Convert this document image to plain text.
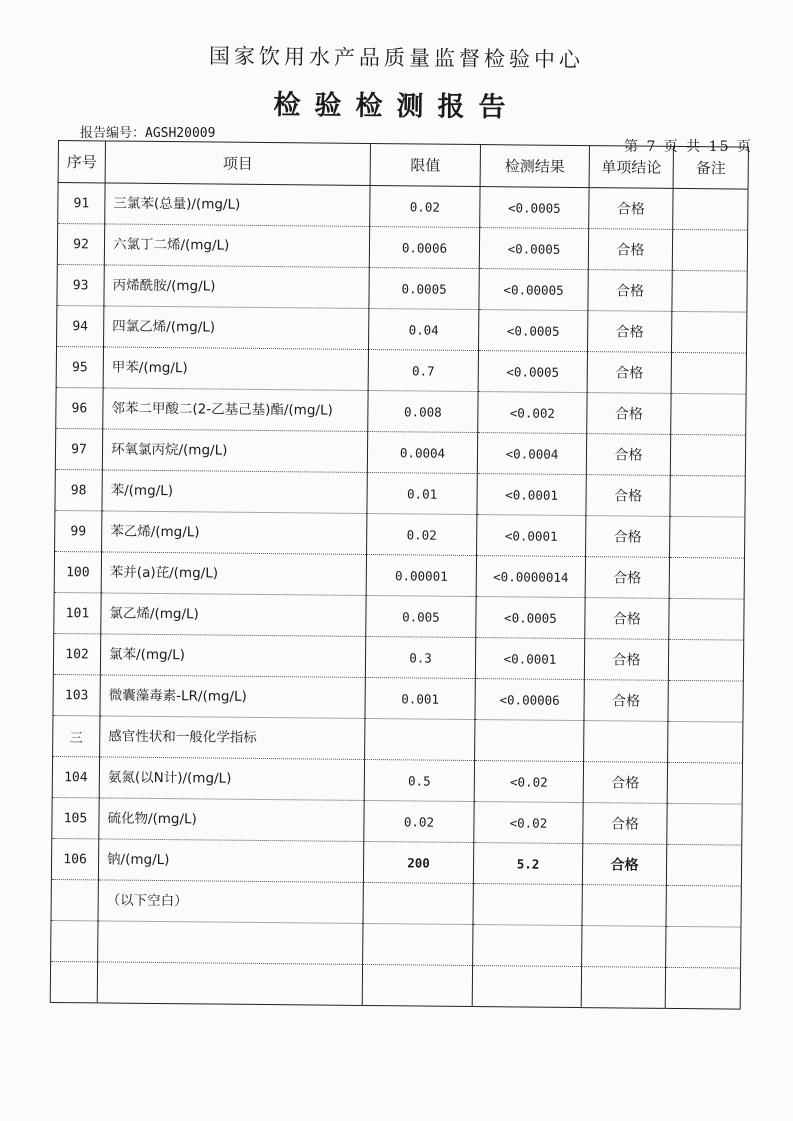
国家饮用水产品质量监督检验中心
检验检测报告
报告编号：AGSH20009
第 7 页 共 15 页
序号	项目	限值	检测结果	单项结论	备注
91	三氯苯(总量)/(mg/L)	0.02	<0.0005	合格	
92	六氯丁二烯/(mg/L)	0.0006	<0.0005	合格	
93	丙烯酰胺/(mg/L)	0.0005	<0.00005	合格	
94	四氯乙烯/(mg/L)	0.04	<0.0005	合格	
95	甲苯/(mg/L)	0.7	<0.0005	合格	
96	邻苯二甲酸二(2-乙基己基)酯/(mg/L)	0.008	<0.002	合格	
97	环氧氯丙烷/(mg/L)	0.0004	<0.0004	合格	
98	苯/(mg/L)	0.01	<0.0001	合格	
99	苯乙烯/(mg/L)	0.02	<0.0001	合格	
100	苯并(a)芘/(mg/L)	0.00001	<0.0000014	合格	
101	氯乙烯/(mg/L)	0.005	<0.0005	合格	
102	氯苯/(mg/L)	0.3	<0.0001	合格	
103	微囊藻毒素-LR/(mg/L)	0.001	<0.00006	合格	
三	感官性状和一般化学指标				
104	氨氮(以N计)/(mg/L)	0.5	<0.02	合格	
105	硫化物/(mg/L)	0.02	<0.02	合格	
106	钠/(mg/L)	200	5.2	合格	
	（以下空白）				
